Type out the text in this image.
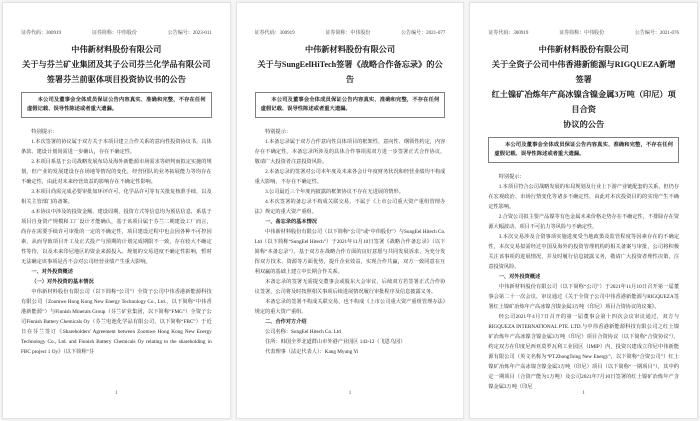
证券代码：300919	证券简称：中伟股份	公告编号：2023-011
中伟新材料股份有限公司
关于与芬兰矿业集团及其子公司芬兰化学品有限公司
签署芬兰前驱体项目投资协议书的公告
本公司及董事会全体成员保证公告内容真实、准确和完整，不存在任何虚假记载、误导性陈述或者重大遗漏。

特别提示：

1.本次签署的协议属于双方关于本项目建立合作关系的意向性投资协议书，具体条款、建设计划尚需进一步确认，存在不确定性。

2.本项目系基于公司战略发展布局及海外新能源市场需求等研判而拟定实施的规划，但产业的发展建设存在场地等情况的变化，经营团队的业务拓展能力等均存在不确定性，由此对未来经营效益的影响存在不确定性影响。

3.本项目尚需完成必要审批如环评许可、化学品许可等有关批复核准手续，以及相关主管部门的备案。

4.本协议中涉及的投资金额、建设周期、投资方式等信息均为预估信息，系基于项目自身资产规模和工厂设计才能确认，基于该项目属于芬兰二期建设工厂而言，尚存在需要手续许可审批的一定的不确定性，项目建设过程中也会因各种不可控因素，从而导致项目开工及正式投产与预期的计划完成期限不一致，存在较大不确定性等待，以及未来印尼地区的资金来源投入、规划的交易进度不确定性影响，暂时无法确定该事项是否不会对公司经营业绩产生重大影响。

一、对外投资概述

（一）对外投资的基本情况

中伟新材料股份有限公司（以下简称“公司”）全资子公司中伟香港新能源科技有限公司（Zoomwe Hong Kong New Energy Technology Co., Ltd.，以下简称“中伟香港新能源”）与Finnish Minerals Group（芬兰矿业集团，以下简称“FMG”）全资子公司Finnish Battery Chemicals Oy（芬兰电池化学品有限公司，以下简称“FBC”）于近日在芬兰签订《Shareholders' Agreement between Zoomwe Hong Kong New Energy Technology Co., Ltd. and Finnish Battery Chemicals Oy relating to the shareholding in FBC project 1 Oy》（以下简称“芬

1
证券代码：300919	证券简称：中伟股份	公告编号：2021-077
中伟新材料股份有限公司
关于与SungEelHiTech签署《战略合作备忘录》的公告
本公司及董事会全体成员保证公告内容真实、准确和完整，不存在任何虚假记载、误导性陈述或者重大遗漏。

特别提示：

1.本备忘录属于双方合作意向性具体项目的框架性、意向性、纲领性约定，内容存在不确定性。本备忘录所涉及的具体合作事项需双方进一步签署正式合作协议，敬请广大投资者注意投资风险。

2.本备忘录的签署对公司本年度及未来各会计年度财务状况和经营业绩均不构成重大影响，不存在不确定性。

3.公司最近三个年度内披露的框架协议不存在无进展的情形。

4.本次签署的备忘录不构成关联交易，不属于《上市公司重大资产重组管理办法》规定的重大资产重组。

一、备忘录的基本情况

中伟新材料股份有限公司（以下简称“公司”或“中伟股份”）与SungEel Hitech Co. Ltd（以下简称“SungEel Hitech”）于2021年11月10日签署《战略合作备忘录》（以下简称“本备忘录”），基于双方在战略合作方面的良好意愿与共同发展诉求，为充分发挥双方技术、资源等方面优势，提升企业效益，实现合作共赢，双方一致同意在互利双赢的基础上建立中长期合作关系。

本备忘录的签署无需提交董事会或股东大会审议，后续双方若签署正式合作协议签署，公司将及时按照相关事项后续进展情况履行审批程序及信息披露义务。

本备忘录的签署不构成关联交易，也不构成《上市公司重大资产重组管理办法》规定的重大资产重组。

二、合作对方介绍

公司名称：SungEel Hitech Co. Ltd

住所：韩国全罗北道群山市外港产业园区 143-12（飞恩乌园）

代表理事（法定代表人）：Kang Myung Yi

1
证券代码：300919	证券简称：中伟股份	公告编号：2021-076
中伟新材料股份有限公司
关于全资子公司中伟香港新能源与RIGQUEZA新增签署
红土镍矿冶炼年产高冰镍含镍金属3万吨（印尼）项目合资
协议的公告
本公司及董事会全体成员保证公告内容真实、准确和完整，不存在任何虚假记载、误导性陈述或者重大遗漏。

特别提示：

1.本项目符合公司战略发展的布局规划及行业上下游产业链配套的关系，但仍存在宏观政治、市场行情变化等诸多不确定性，由此对本次投资目的的实现产生不确定性影响。

2.合资公司拟主要产品镍等有色金属未来价格走势存在不确定性，不排除存在资源大幅波动、项目不可抗力等风险与不确定性。

3.本次交易涉及合资事项实施进度受当地政策及监管程度等因素存在的不确定性，本次交易拟需经过中国及海外的投资管理机构的相关备案与审批，公司将积极关注该事项的进展情况，并及时履行信息披露义务，敬请广大投资者理性决策，注意投资风险。

一、对外投资概述

中伟新材料股份有限公司（以下简称“公司”）于2021年11月10日召开第一届董事会第二十一次会议，审议通过《关于全资子公司中伟香港新能源与RIGQUEZA签署红土镍矿冶炼年产高冰镍含镍金属3万吨（印尼）项目合资协议的议案》。

经公司2021年4月7日召开的第一届董事会第十四次会议审议通过，双方与RIGQUEZA INTERNATIONAL PTE. LTD.与中伟香港新能源科技有限公司之红土镍矿冶炼年产高冰镍含镍金属3万吨（印尼）项目合资协议（以下简称“合资协议”），约定双方在印度尼西亚莫罗瓦利工业园区（IMIP）内，投资兴建成立印尼中伟新能源有限公司（英文名称为“PT.ZhongTsing New Energy”，以下简称“合资公司”）红土镍矿冶炼年产高冰镍含镍金属3万吨（印尼）项目（以下简称“一期项目”），其中约定一期项目（合资产能为1万吨）及公司2021年7月10日签署的红土镍矿冶炼年产含镍金属3万吨（印尼

1
